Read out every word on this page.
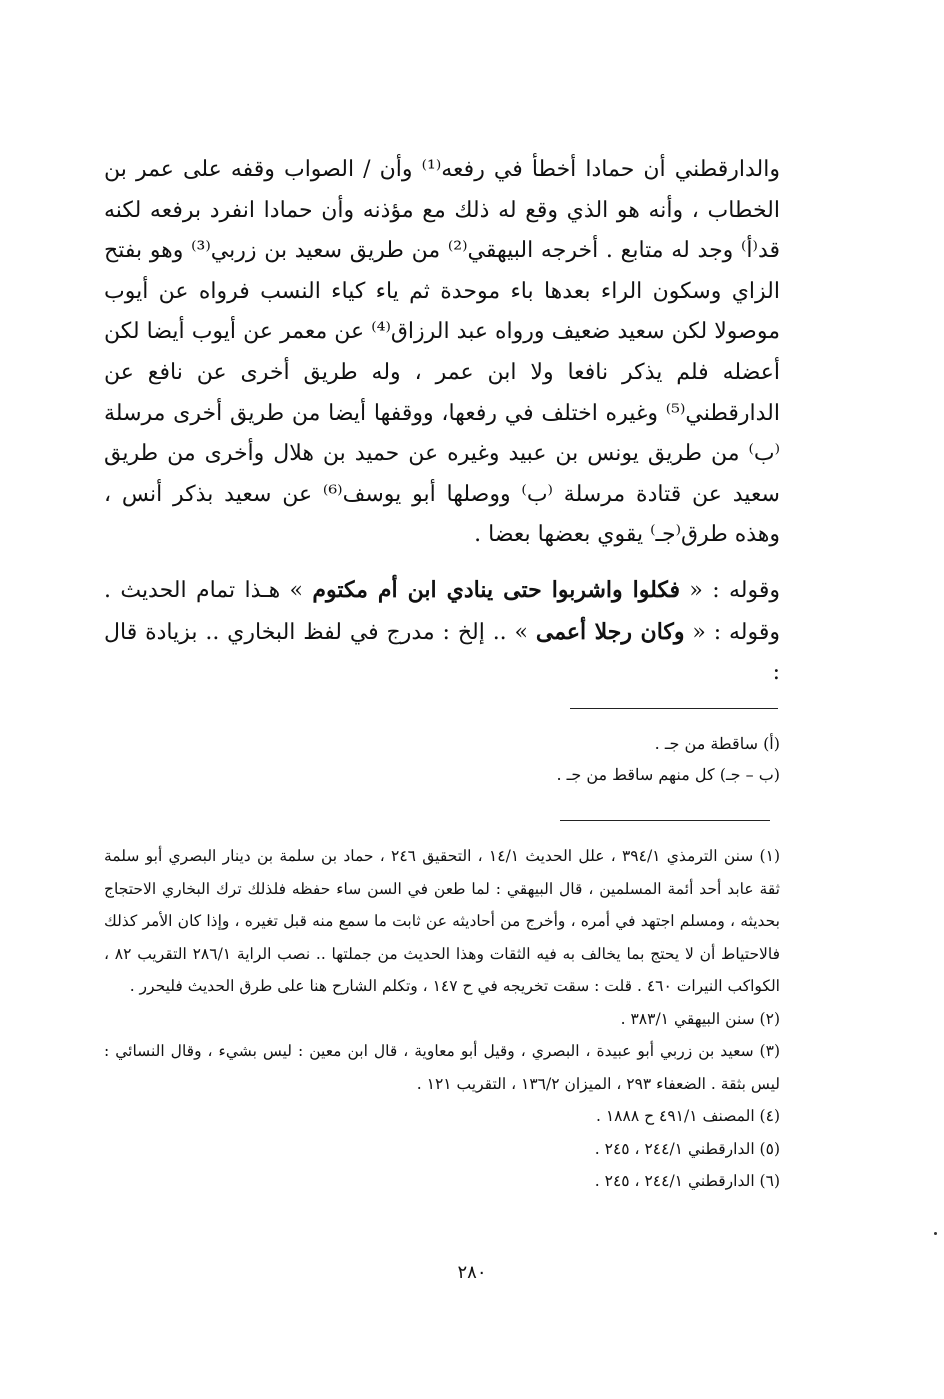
والدارقطني أن حمادا أخطأ في رفعه⁽¹⁾ وأن / الصواب وقفه على عمر بن الخطاب ، وأنه هو الذي وقع له ذلك مع مؤذنه وأن حمادا انفرد برفعه لكنه قد⁽أ⁾ وجد له متابع . أخرجه البيهقي⁽²⁾ من طريق سعيد بن زربي⁽³⁾ وهو بفتح الزاي وسكون الراء بعدها باء موحدة ثم ياء كياء النسب فرواه عن أيوب موصولا لكن سعيد ضعيف ورواه عبد الرزاق⁽⁴⁾ عن معمر عن أيوب أيضا لكن أعضله فلم يذكر نافعا ولا ابن عمر ، وله طريق أخرى عن نافع عن الدارقطني⁽⁵⁾ وغيره اختلف في رفعها، ووقفها أيضا من طريق أخرى مرسلة ⁽ب⁾ من طريق يونس بن عبيد وغيره عن حميد بن هلال وأخرى من طريق سعيد عن قتادة مرسلة ⁽ب⁾ ووصلها أبو يوسف⁽⁶⁾ عن سعيد بذكر أنس ، وهذه طرق⁽جـ⁾ يقوي بعضها بعضا .

وقوله : « فكلوا واشربوا حتى ينادي ابن أم مكتوم » هـذا تمام الحديث .

وقوله : « وكان رجلا أعمى » .. إلخ : مدرج في لفظ البخاري .. بزيادة قال :

(أ) ساقطة من جـ .

(ب – جـ) كل منهم ساقط من جـ .

(١) سنن الترمذي ٣٩٤/١ ، علل الحديث ١٤/١ ، التحقيق ٢٤٦ ، حماد بن سلمة بن دينار البصري أبو سلمة ثقة عابد أحد أئمة المسلمين ، قال البيهقي : لما طعن في السن ساء حفظه فلذلك ترك البخاري الاحتجاج بحديثه ، ومسلم اجتهد في أمره ، وأخرج من أحاديثه عن ثابت ما سمع منه قبل تغيره ، وإذا كان الأمر كذلك فالاحتياط أن لا يحتج بما يخالف به فيه الثقات وهذا الحديث من جملتها .. نصب الراية ٢٨٦/١ التقريب ٨٢ ، الكواكب النيرات ٤٦٠ . قلت : سقت تخريجه في ح ١٤٧ ، وتكلم الشارح هنا على طرق الحديث فليحرر .

(٢) سنن البيهقي ٣٨٣/١ .

(٣) سعيد بن زربي أبو عبيدة ، البصري ، وقيل أبو معاوية ، قال ابن معين : ليس بشيء ، وقال النسائي : ليس بثقة . الضعفاء ٢٩٣ ، الميزان ١٣٦/٢ ، التقريب ١٢١ .

(٤) المصنف ٤٩١/١ ح ١٨٨٨ .

(٥) الدارقطني ٢٤٤/١ ، ٢٤٥ .

(٦) الدارقطني ٢٤٤/١ ، ٢٤٥ .

٢٨٠
